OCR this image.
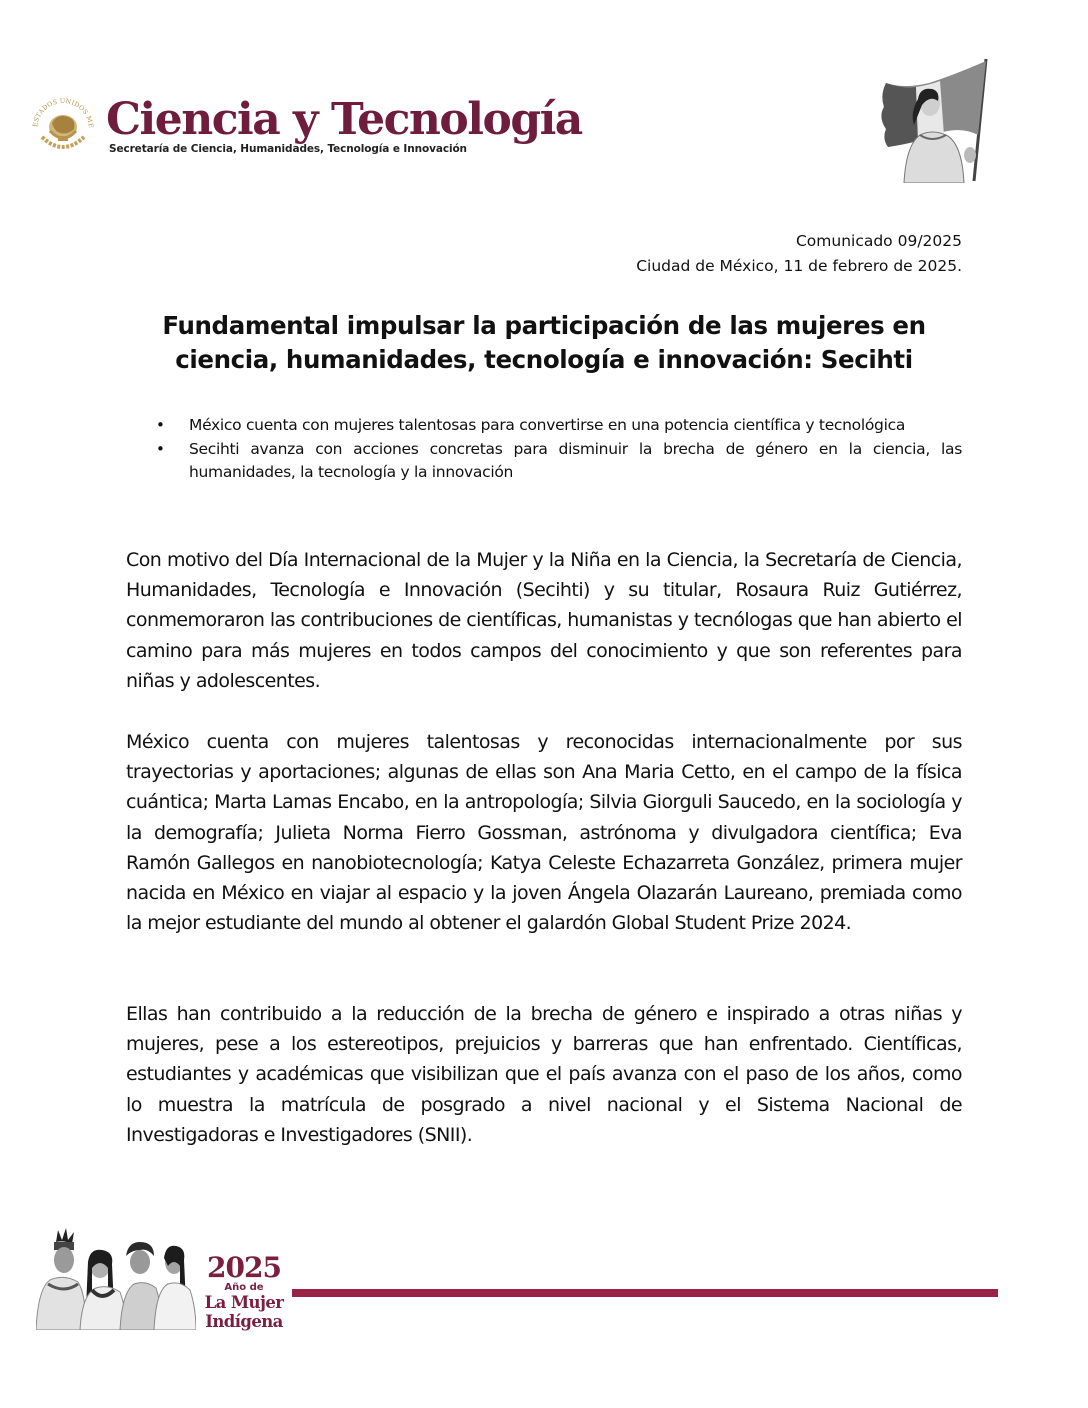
ESTADOS UNIDOS ME Ciencia y Tecnología
Secretaría de Ciencia, Humanidades, Tecnología e Innovación
Comunicado 09/2025
Ciudad de México, 11 de febrero de 2025.
Fundamental impulsar la participación de las mujeres en ciencia, humanidades, tecnología e innovación: Secihti
• México cuenta con mujeres talentosas para convertirse en una potencia científica y tecnológica
• Secihti avanza con acciones concretas para disminuir la brecha de género en la ciencia, las humanidades, la tecnología y la innovación

Con motivo del Día Internacional de la Mujer y la Niña en la Ciencia, la Secretaría de Ciencia, Humanidades, Tecnología e Innovación (Secihti) y su titular, Rosaura Ruiz Gutiérrez, conmemoraron las contribuciones de científicas, humanistas y tecnólogas que han abierto el camino para más mujeres en todos campos del conocimiento y que son referentes para niñas y adolescentes.

México cuenta con mujeres talentosas y reconocidas internacionalmente por sus trayectorias y aportaciones; algunas de ellas son Ana Maria Cetto, en el campo de la física cuántica; Marta Lamas Encabo, en la antropología; Silvia Giorguli Saucedo, en la sociología y la demografía; Julieta Norma Fierro Gossman, astrónoma y divulgadora científica; Eva Ramón Gallegos en nanobiotecnología; Katya Celeste Echazarreta González, primera mujer nacida en México en viajar al espacio y la joven Ángela Olazarán Laureano, premiada como la mejor estudiante del mundo al obtener el galardón Global Student Prize 2024.

Ellas han contribuido a la reducción de la brecha de género e inspirado a otras niñas y mujeres, pese a los estereotipos, prejuicios y barreras que han enfrentado. Científicas, estudiantes y académicas que visibilizan que el país avanza con el paso de los años, como lo muestra la matrícula de posgrado a nivel nacional y el Sistema Nacional de Investigadoras e Investigadores (SNII).

2025
Año de
La Mujer
Indígena
